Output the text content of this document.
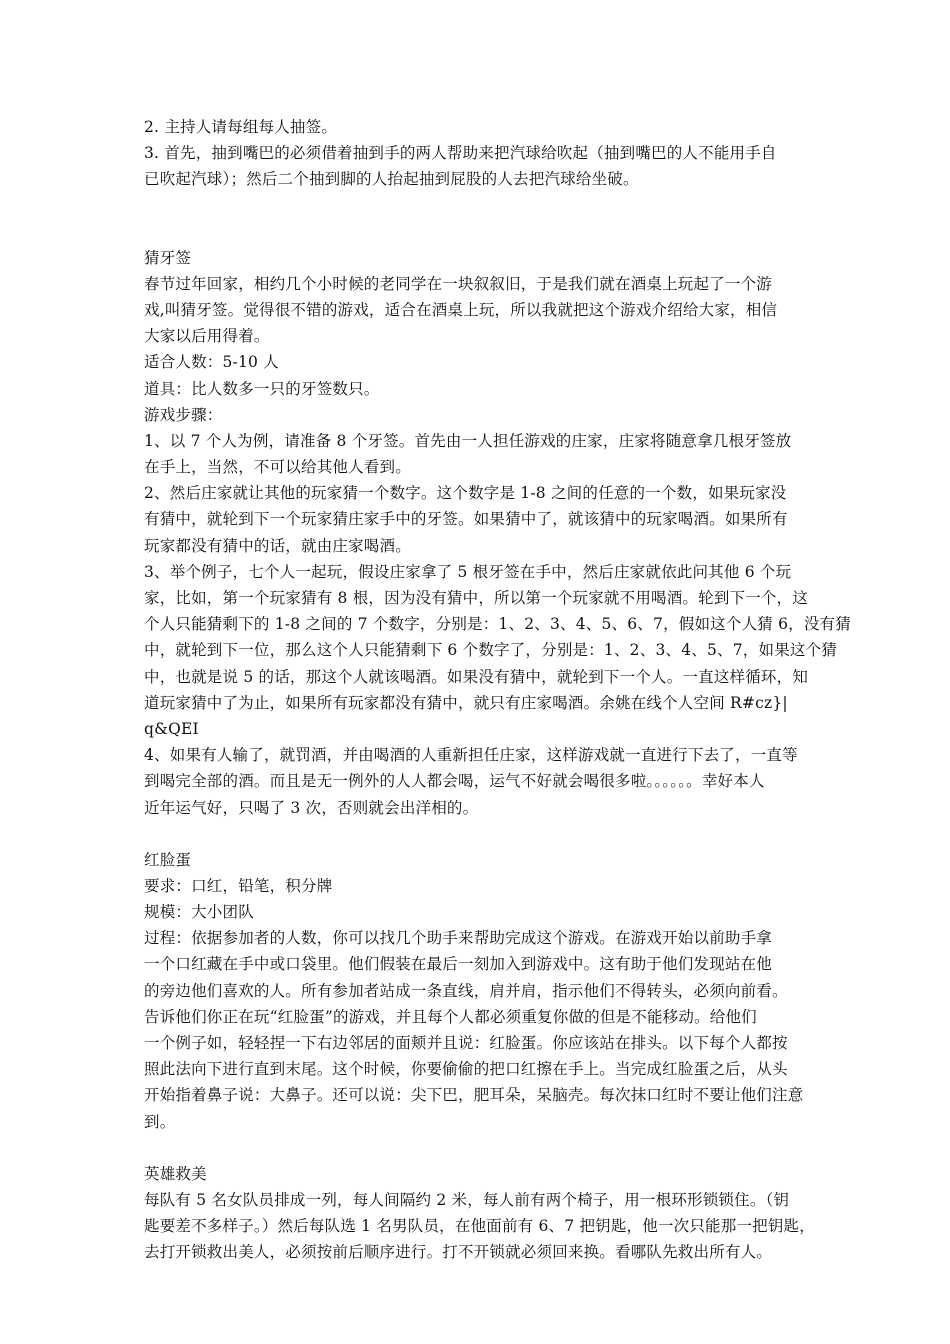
2. 主持人请每组每人抽签。
3. 首先，抽到嘴巴的必须借着抽到手的两人帮助来把汽球给吹起（抽到嘴巴的人不能用手自
已吹起汽球）；然后二个抽到脚的人抬起抽到屁股的人去把汽球给坐破。
猜牙签
春节过年回家，相约几个小时候的老同学在一块叙叙旧，于是我们就在酒桌上玩起了一个游
戏,叫猜牙签。觉得很不错的游戏，适合在酒桌上玩，所以我就把这个游戏介绍给大家，相信
大家以后用得着。
适合人数：5-10 人
道具：比人数多一只的牙签数只。
游戏步骤：
1、以 7 个人为例，请准备 8 个牙签。首先由一人担任游戏的庄家，庄家将随意拿几根牙签放
在手上，当然，不可以给其他人看到。
2、然后庄家就让其他的玩家猜一个数字。这个数字是 1-8 之间的任意的一个数，如果玩家没
有猜中，就轮到下一个玩家猜庄家手中的牙签。如果猜中了，就该猜中的玩家喝酒。如果所有
玩家都没有猜中的话，就由庄家喝酒。
3、举个例子，七个人一起玩，假设庄家拿了 5 根牙签在手中，然后庄家就依此问其他 6 个玩
家，比如，第一个玩家猜有 8 根，因为没有猜中，所以第一个玩家就不用喝酒。轮到下一个，这
个人只能猜剩下的 1-8 之间的 7 个数字，分别是：1、2、3、4、5、6、7，假如这个人猜 6，没有猜
中，就轮到下一位，那么这个人只能猜剩下 6 个数字了，分别是：1、2、3、4、5、7，如果这个猜
中，也就是说 5 的话，那这个人就该喝酒。如果没有猜中，就轮到下一个人。一直这样循环，知
道玩家猜中了为止，如果所有玩家都没有猜中，就只有庄家喝酒。余姚在线个人空间 R#cz}|
q&QEI
4、如果有人输了，就罚酒，并由喝酒的人重新担任庄家，这样游戏就一直进行下去了，一直等
到喝完全部的酒。而且是无一例外的人人都会喝，运气不好就会喝很多啦。。。。。。幸好本人
近年运气好，只喝了 3 次，否则就会出洋相的。
红脸蛋
要求：口红，铅笔，积分牌
规模：大小团队
过程：依据参加者的人数，你可以找几个助手来帮助完成这个游戏。在游戏开始以前助手拿
一个口红藏在手中或口袋里。他们假装在最后一刻加入到游戏中。这有助于他们发现站在他
的旁边他们喜欢的人。所有参加者站成一条直线，肩并肩，指示他们不得转头，必须向前看。
告诉他们你正在玩“红脸蛋”的游戏，并且每个人都必须重复你做的但是不能移动。给他们
一个例子如，轻轻捏一下右边邻居的面颊并且说：红脸蛋。你应该站在排头。以下每个人都按
照此法向下进行直到末尾。这个时候，你要偷偷的把口红擦在手上。当完成红脸蛋之后，从头
开始指着鼻子说：大鼻子。还可以说：尖下巴，肥耳朵，呆脑壳。每次抹口红时不要让他们注意
到。
英雄救美
每队有 5 名女队员排成一列，每人间隔约 2 米，每人前有两个椅子，用一根环形锁锁住。（钥
匙要差不多样子。）然后每队选 1 名男队员，在他面前有 6、7 把钥匙，他一次只能那一把钥匙，
去打开锁救出美人，必须按前后顺序进行。打不开锁就必须回来换。看哪队先救出所有人。
